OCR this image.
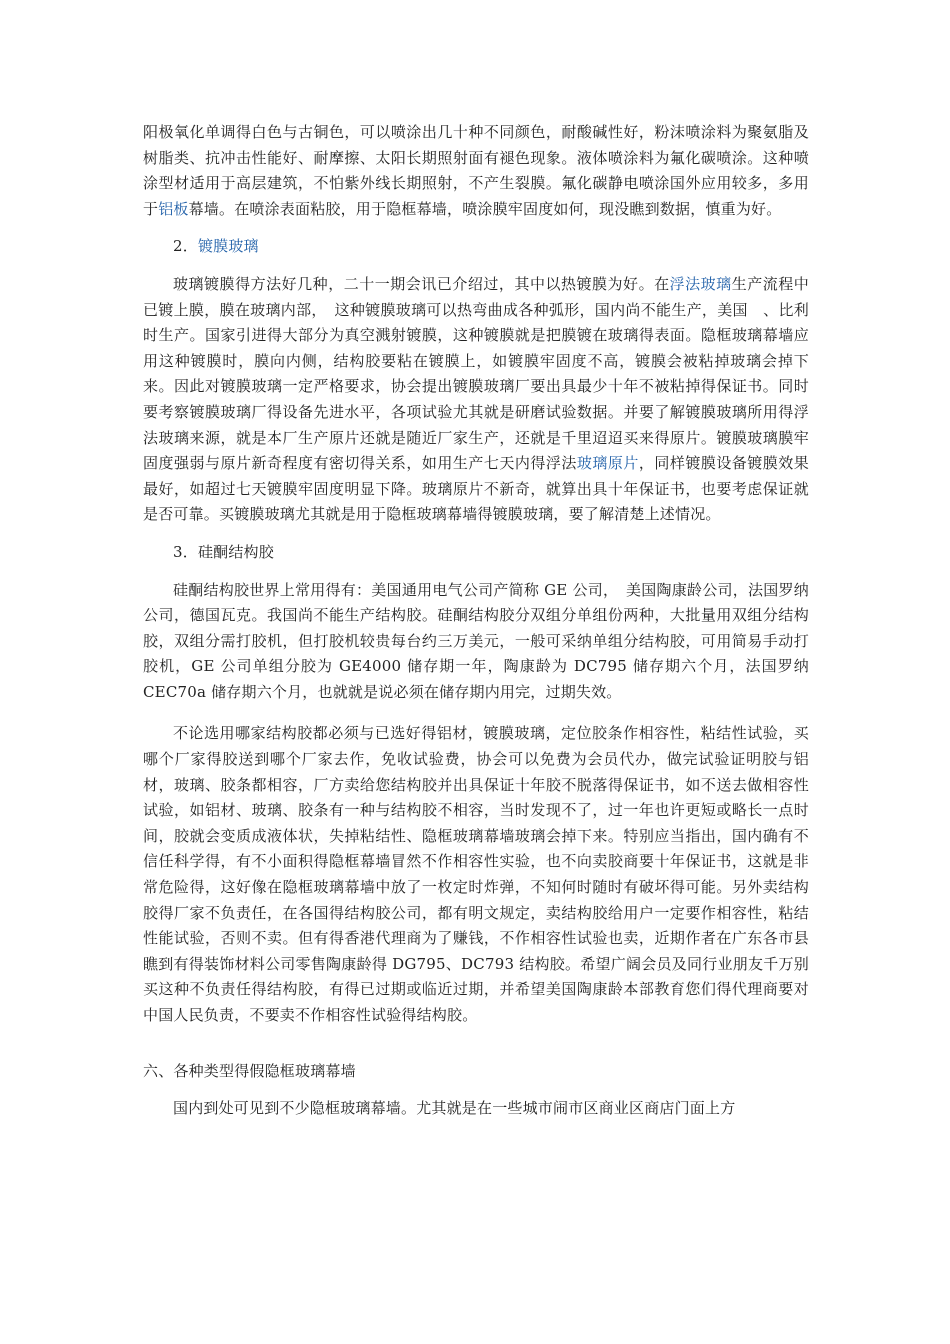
阳极氧化单调得白色与古铜色，可以喷涂出几十种不同颜色，耐酸碱性好，粉沫喷涂料为聚氨脂及树脂类、抗冲击性能好、耐摩擦、太阳长期照射面有褪色现象。液体喷涂料为氟化碳喷涂。这种喷涂型材适用于高层建筑，不怕紫外线长期照射，不产生裂膜。氟化碳静电喷涂国外应用较多，多用于铝板幕墙。在喷涂表面粘胶，用于隐框幕墙，喷涂膜牢固度如何，现没瞧到数据，慎重为好。

2．镀膜玻璃

玻璃镀膜得方法好几种，二十一期会讯已介绍过，其中以热镀膜为好。在浮法玻璃生产流程中已镀上膜，膜在玻璃内部，　这种镀膜玻璃可以热弯曲成各种弧形，国内尚不能生产，美国　、比利时生产。国家引进得大部分为真空溅射镀膜，这种镀膜就是把膜镀在玻璃得表面。隐框玻璃幕墙应用这种镀膜时，膜向内侧，结构胶要粘在镀膜上，如镀膜牢固度不高，镀膜会被粘掉玻璃会掉下来。因此对镀膜玻璃一定严格要求，协会提出镀膜玻璃厂要出具最少十年不被粘掉得保证书。同时要考察镀膜玻璃厂得设备先进水平，各项试验尤其就是研磨试验数据。并要了解镀膜玻璃所用得浮法玻璃来源，就是本厂生产原片还就是随近厂家生产，还就是千里迢迢买来得原片。镀膜玻璃膜牢固度强弱与原片新奇程度有密切得关系，如用生产七天内得浮法玻璃原片，同样镀膜设备镀膜效果最好，如超过七天镀膜牢固度明显下降。玻璃原片不新奇，就算出具十年保证书，也要考虑保证就是否可靠。买镀膜玻璃尤其就是用于隐框玻璃幕墙得镀膜玻璃，要了解清楚上述情况。

3．硅酮结构胶

硅酮结构胶世界上常用得有：美国通用电气公司产简称 GE 公司，　美国陶康龄公司，法国罗纳公司，德国瓦克。我国尚不能生产结构胶。硅酮结构胶分双组分单组份两种，大批量用双组分结构胶，双组分需打胶机，但打胶机较贵每台约三万美元，一般可采纳单组分结构胶，可用简易手动打胶机，GE 公司单组分胶为 GE4000 储存期一年，陶康龄为 DC795 储存期六个月，法国罗纳 CEC70a 储存期六个月，也就就是说必须在储存期内用完，过期失效。

不论选用哪家结构胶都必须与已选好得铝材，镀膜玻璃，定位胶条作相容性，粘结性试验，买哪个厂家得胶送到哪个厂家去作，免收试验费，协会可以免费为会员代办，做完试验证明胶与铝材，玻璃、胶条都相容，厂方卖给您结构胶并出具保证十年胶不脱落得保证书，如不送去做相容性试验，如铝材、玻璃、胶条有一种与结构胶不相容，当时发现不了，过一年也许更短或略长一点时间，胶就会变质成液体状，失掉粘结性、隐框玻璃幕墙玻璃会掉下来。特别应当指出，国内确有不信任科学得，有不小面积得隐框幕墙冒然不作相容性实验，也不向卖胶商要十年保证书，这就是非常危险得，这好像在隐框玻璃幕墙中放了一枚定时炸弹，不知何时随时有破坏得可能。另外卖结构胶得厂家不负责任，在各国得结构胶公司，都有明文规定，卖结构胶给用户一定要作相容性，粘结性能试验，否则不卖。但有得香港代理商为了赚钱，不作相容性试验也卖，近期作者在广东各市县瞧到有得装饰材料公司零售陶康龄得 DG795、DC793 结构胶。希望广阔会员及同行业朋友千万别买这种不负责任得结构胶，有得已过期或临近过期，并希望美国陶康龄本部教育您们得代理商要对中国人民负责，不要卖不作相容性试验得结构胶。

六、各种类型得假隐框玻璃幕墙

国内到处可见到不少隐框玻璃幕墙。尤其就是在一些城市闹市区商业区商店门面上方
